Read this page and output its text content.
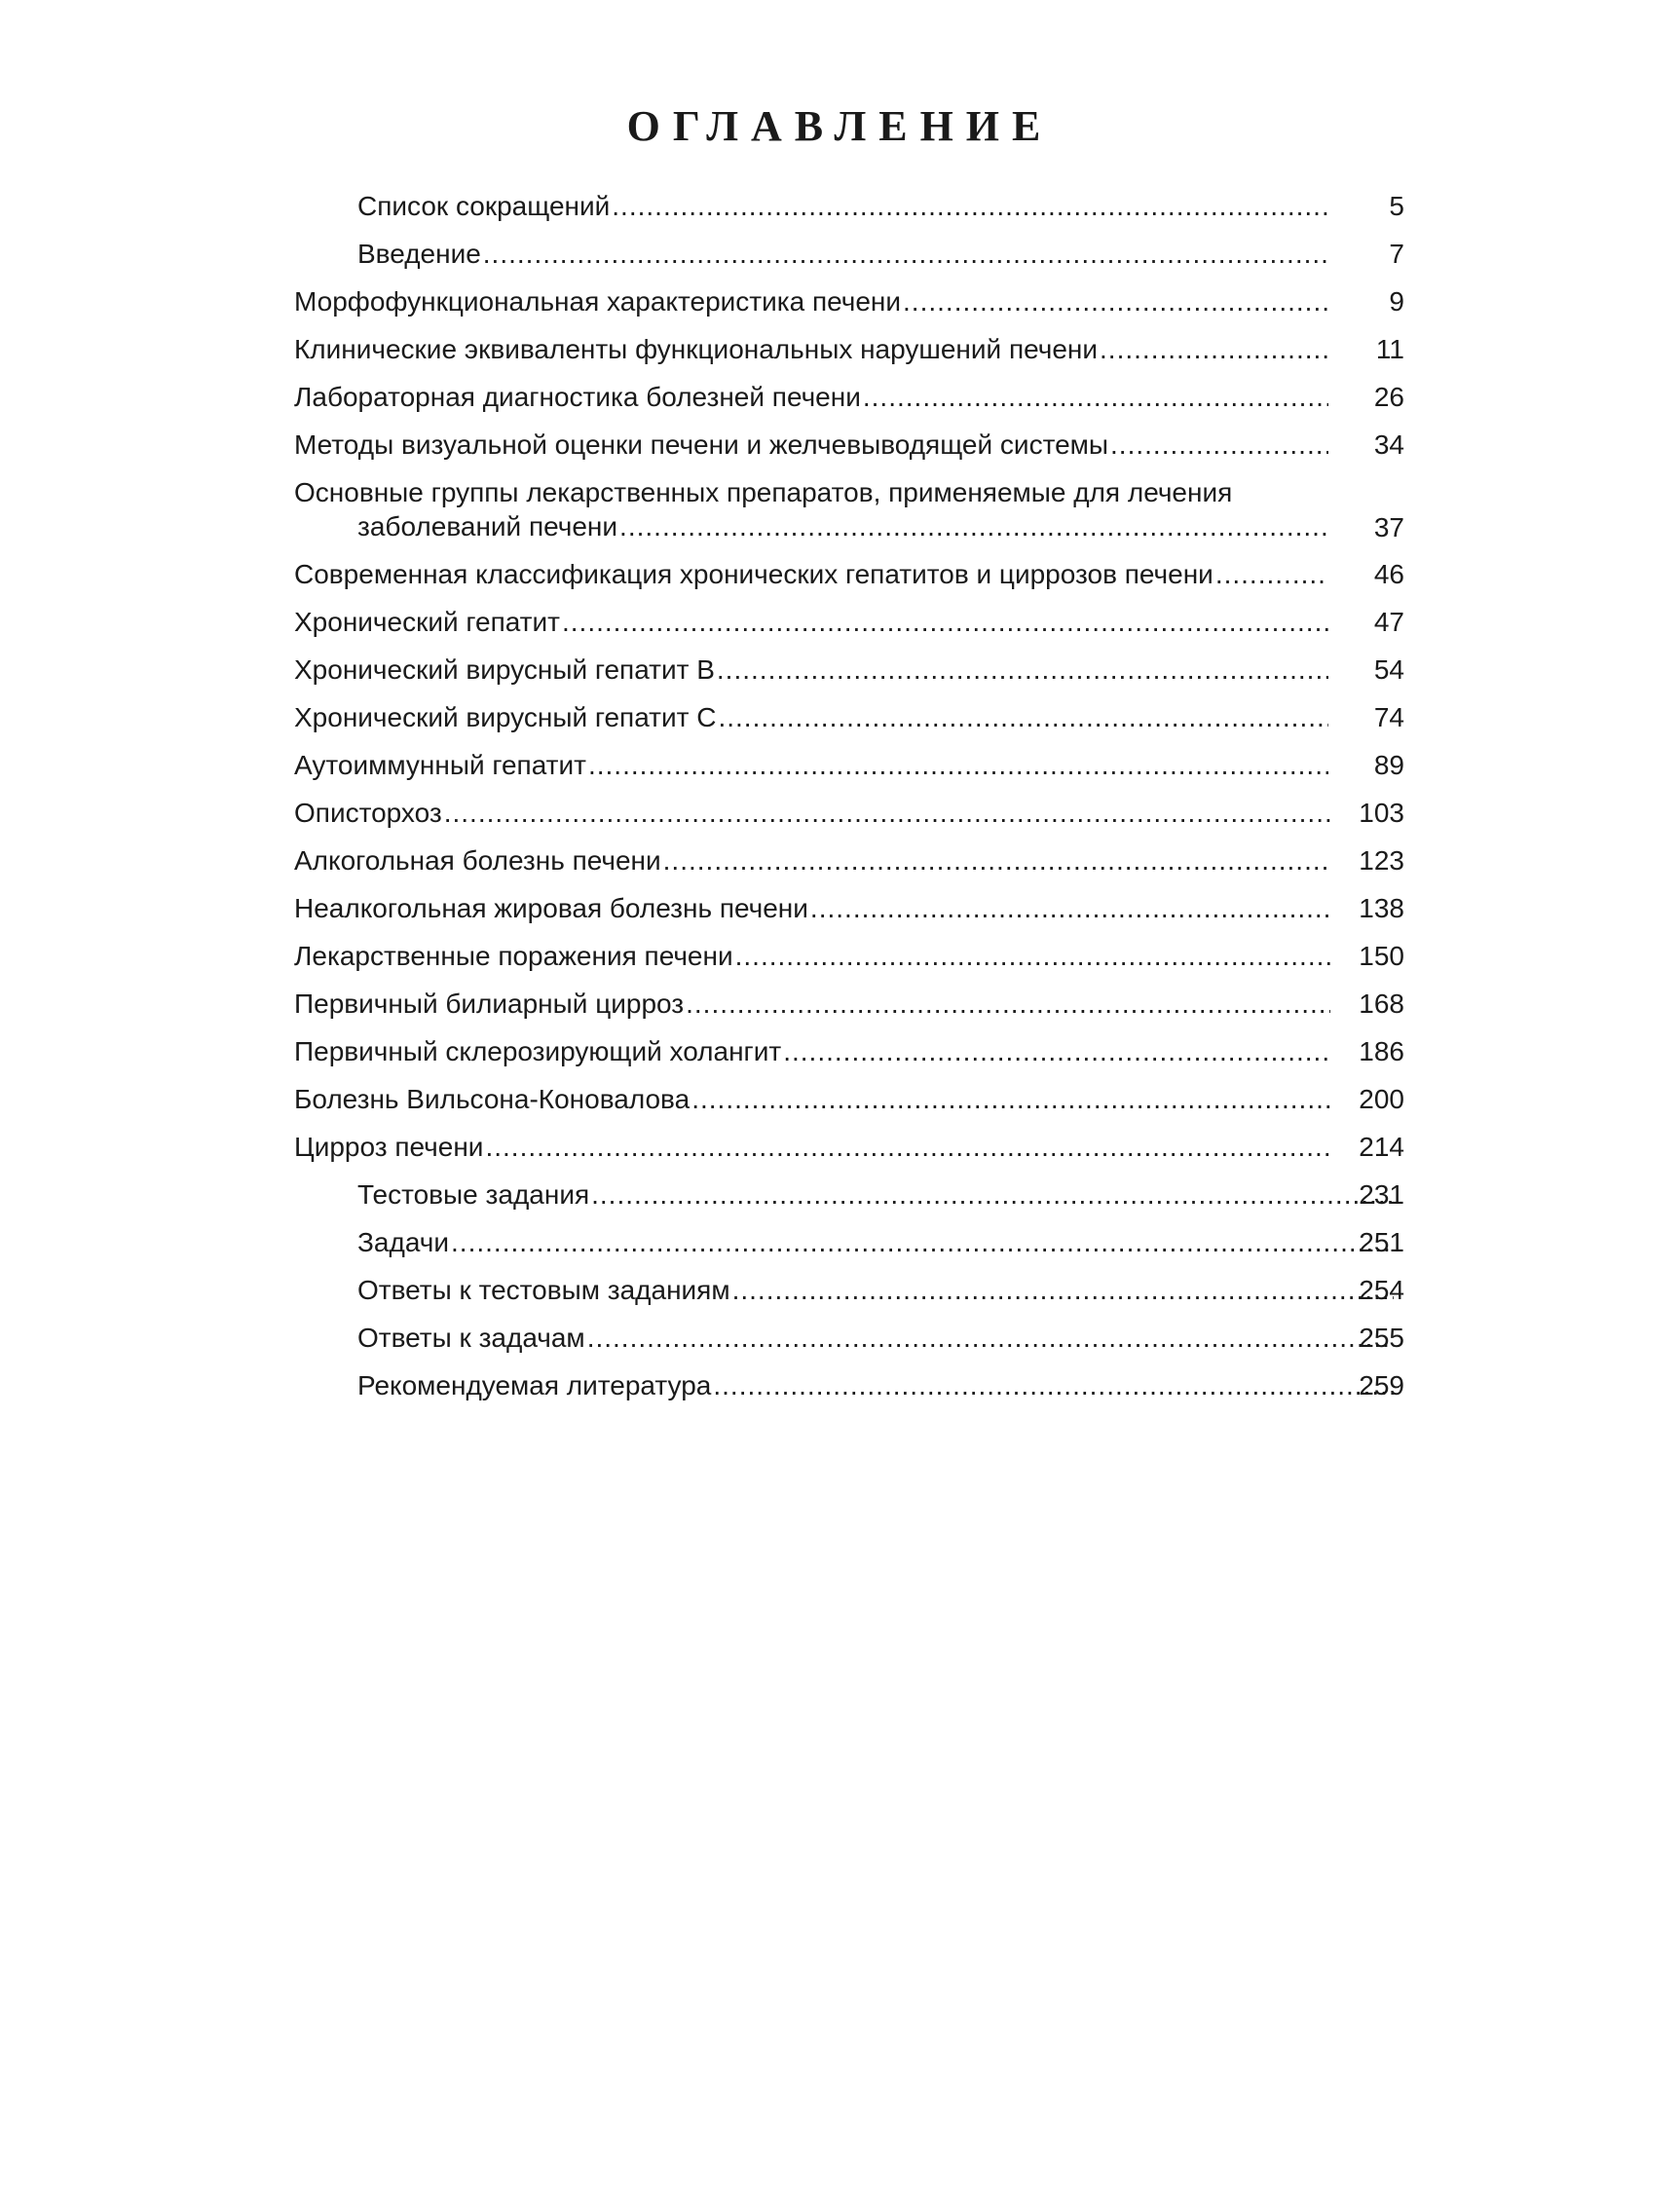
ОГЛАВЛЕНИЕ
Список сокращений .....	5
Введение .....	7
Морфофункциональная характеристика печени .....	9
Клинические эквиваленты функциональных нарушений печени .....	11
Лабораторная диагностика болезней печени .....	26
Методы визуальной оценки печени и желчевыводящей системы .....	34
Основные группы лекарственных препаратов, применяемые для лечения
заболеваний печени .....	37
Современная классификация хронических гепатитов и циррозов печени .....	46
Хронический гепатит .....	47
Хронический вирусный гепатит В .....	54
Хронический вирусный гепатит С .....	74
Аутоиммунный гепатит .....	89
Описторхоз .....	103
Алкогольная болезнь печени .....	123
Неалкогольная жировая болезнь печени .....	138
Лекарственные поражения печени .....	150
Первичный билиарный цирроз .....	168
Первичный склерозирующий холангит .....	186
Болезнь Вильсона-Коновалова .....	200
Цирроз печени .....	214
Тестовые задания .....	231
Задачи .....	251
Ответы к тестовым заданиям .....	254
Ответы к задачам .....	255
Рекомендуемая литература .....	259
